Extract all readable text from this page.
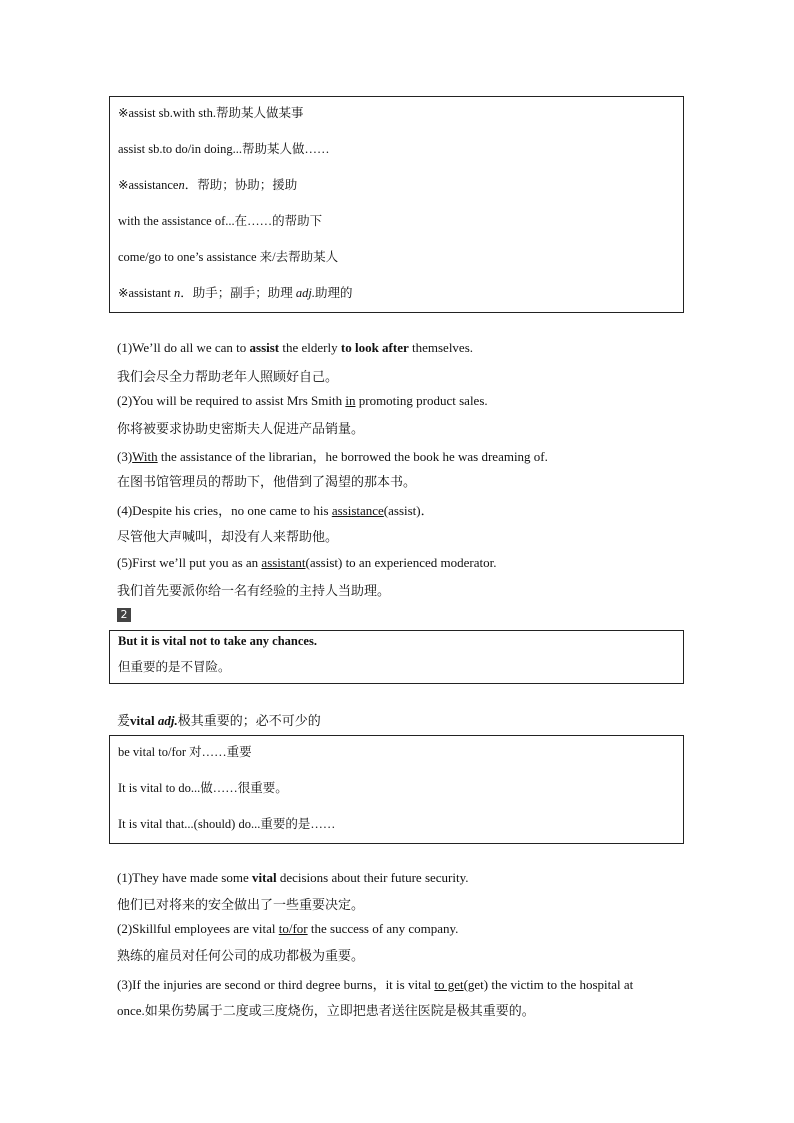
※assist sb.with sth.帮助某人做某事
assist sb.to do/in doing...帮助某人做……
※assistancen．帮助；协助；援助
with the assistance of...在……的帮助下
come/go to one’s assistance 来/去帮助某人
※assistant n．助手；副手；助理 adj.助理的
(1)We’ll do all we can to assist the elderly to look after themselves.
我们会尽全力帮助老年人照顾好自己。
(2)You will be required to assist Mrs Smith in promoting product sales.
你将被要求协助史密斯夫人促进产品销量。
(3)With the assistance of the librarian，he borrowed the book he was dreaming of.
在图书馆管理员的帮助下，他借到了渴望的那本书。
(4)Despite his cries，no one came to his assistance(assist)．
尽管他大声喊叫，却没有人来帮助他。
(5)First we’ll put you as an assistant(assist) to an experienced moderator.
我们首先要派你给一名有经验的主持人当助理。
2
But it is vital not to take any chances.
但重要的是不冒险。
爰vital adj.极其重要的；必不可少的
be vital to/for 对……重要
It is vital to do...做……很重要。
It is vital that...(should) do...重要的是……
(1)They have made some vital decisions about their future security.
他们已对将来的安全做出了一些重要决定。
(2)Skillful employees are vital to/for the success of any company.
熟练的雇员对任何公司的成功都极为重要。
(3)If the injuries are second or third degree burns，it is vital to get(get) the victim to the hospital at
once.如果伤势属于二度或三度烧伤，立即把患者送往医院是极其重要的。
